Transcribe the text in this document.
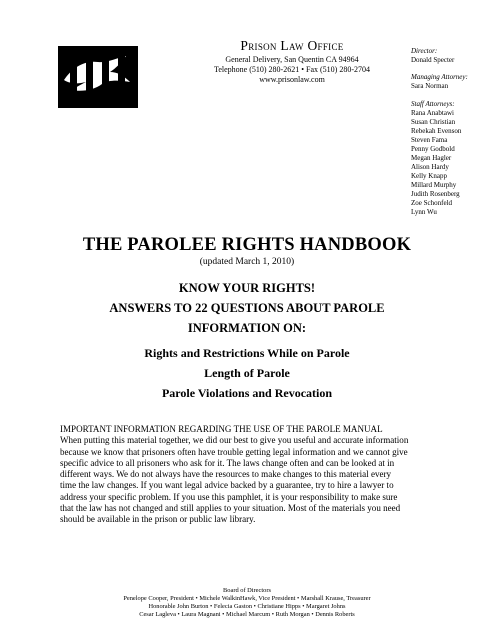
Prison Law Office
General Delivery, San Quentin CA 94964
Telephone (510) 280-2621 • Fax (510) 280-2704
www.prisonlaw.com
Director:
Donald Specter
Managing Attorney:
Sara Norman
Staff Attorneys:
Rana Anabtawi
Susan Christian
Rebekah Evenson
Steven Fama
Penny Godbold
Megan Hagler
Alison Hardy
Kelly Knapp
Millard Murphy
Judith Rosenberg
Zoe Schonfeld
Lynn Wu
THE PAROLEE RIGHTS HANDBOOK
(updated March 1, 2010)
KNOW YOUR RIGHTS!
ANSWERS TO 22 QUESTIONS ABOUT PAROLE
INFORMATION ON:
Rights and Restrictions While on Parole
Length of Parole
Parole Violations and Revocation
IMPORTANT INFORMATION REGARDING THE USE OF THE PAROLE MANUAL
When putting this material together, we did our best to give you useful and accurate information
because we know that prisoners often have trouble getting legal information and we cannot give
specific advice to all prisoners who ask for it. The laws change often and can be looked at in
different ways. We do not always have the resources to make changes to this material every
time the law changes. If you want legal advice backed by a guarantee, try to hire a lawyer to
address your specific problem. If you use this pamphlet, it is your responsibility to make sure
that the law has not changed and still applies to your situation. Most of the materials you need
should be available in the prison or public law library.
Board of Directors
Penelope Cooper, President • Michele WalkinHawk, Vice President • Marshall Krause, Treasurer
Honorable John Burton • Felecia Gaston • Christiane Hipps • Margaret Johns
Cesar Lagleva • Laura Magnani • Michael Marcum • Ruth Morgan • Dennis Roberts
